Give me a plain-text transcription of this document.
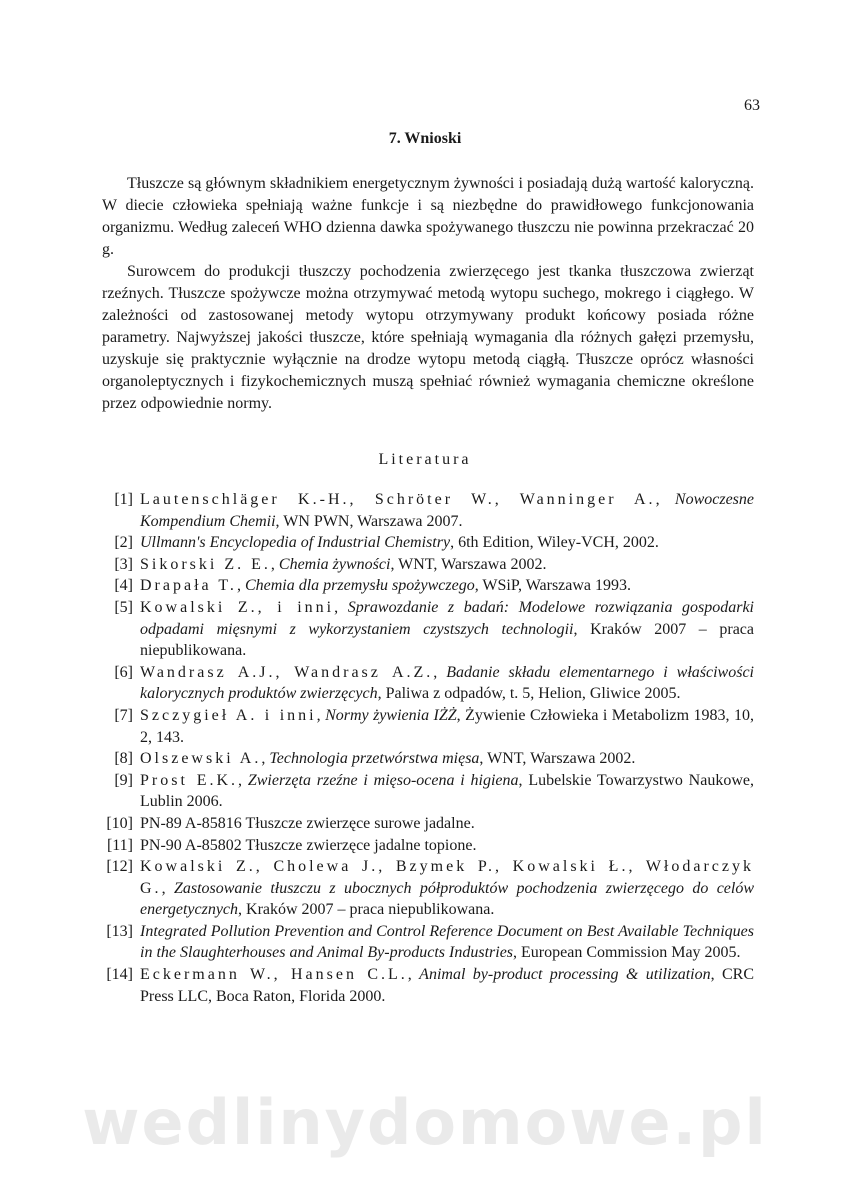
63
7. Wnioski

Tłuszcze są głównym składnikiem energetycznym żywności i posiadają dużą wartość kaloryczną. W diecie człowieka spełniają ważne funkcje i są niezbędne do prawidłowego funkcjonowania organizmu. Według zaleceń WHO dzienna dawka spożywanego tłuszczu nie powinna przekraczać 20 g.

Surowcem do produkcji tłuszczy pochodzenia zwierzęcego jest tkanka tłuszczowa zwierząt rzeźnych. Tłuszcze spożywcze można otrzymywać metodą wytopu suchego, mokrego i ciągłego. W zależności od zastosowanej metody wytopu otrzymywany produkt końcowy posiada różne parametry. Najwyższej jakości tłuszcze, które spełniają wymagania dla różnych gałęzi przemysłu, uzyskuje się praktycznie wyłącznie na drodze wytopu metodą ciągłą. Tłuszcze oprócz własności organoleptycznych i fizykochemicznych muszą spełniać również wymagania chemiczne określone przez odpowiednie normy.

Literatura
[1] Lautenschläger K.-H., Schröter W., Wanninger A., Nowoczesne Kompendium Chemii, WN PWN, Warszawa 2007.
[2] Ullmann's Encyclopedia of Industrial Chemistry, 6th Edition, Wiley-VCH, 2002.
[3] Sikorski Z. E., Chemia żywności, WNT, Warszawa 2002.
[4] Drapała T., Chemia dla przemysłu spożywczego, WSiP, Warszawa 1993.
[5] Kowalski Z., i inni, Sprawozdanie z badań: Modelowe rozwiązania gospodarki odpadami mięsnymi z wykorzystaniem czystszych technologii, Kraków 2007 – praca niepublikowana.
[6] Wandrasz A.J., Wandrasz A.Z., Badanie składu elementarnego i właściwości kalorycznych produktów zwierzęcych, Paliwa z odpadów, t. 5, Helion, Gliwice 2005.
[7] Szczygieł A. i inni, Normy żywienia IŻŻ, Żywienie Człowieka i Metabolizm 1983, 10, 2, 143.
[8] Olszewski A., Technologia przetwórstwa mięsa, WNT, Warszawa 2002.
[9] Prost E.K., Zwierzęta rzeźne i mięso-ocena i higiena, Lubelskie Towarzystwo Naukowe, Lublin 2006.
[10] PN-89 A-85816 Tłuszcze zwierzęce surowe jadalne.
[11] PN-90 A-85802 Tłuszcze zwierzęce jadalne topione.
[12] Kowalski Z., Cholewa J., Bzymek P., Kowalski Ł., Włodarczyk G., Zastosowanie tłuszczu z ubocznych półproduktów pochodzenia zwierzęcego do celów energetycznych, Kraków 2007 – praca niepublikowana.
[13] Integrated Pollution Prevention and Control Reference Document on Best Available Techniques in the Slaughterhouses and Animal By-products Industries, European Commission May 2005.
[14] Eckermann W., Hansen C.L., Animal by-product processing & utilization, CRC Press LLC, Boca Raton, Florida 2000.
wedlinydomowe.pl
